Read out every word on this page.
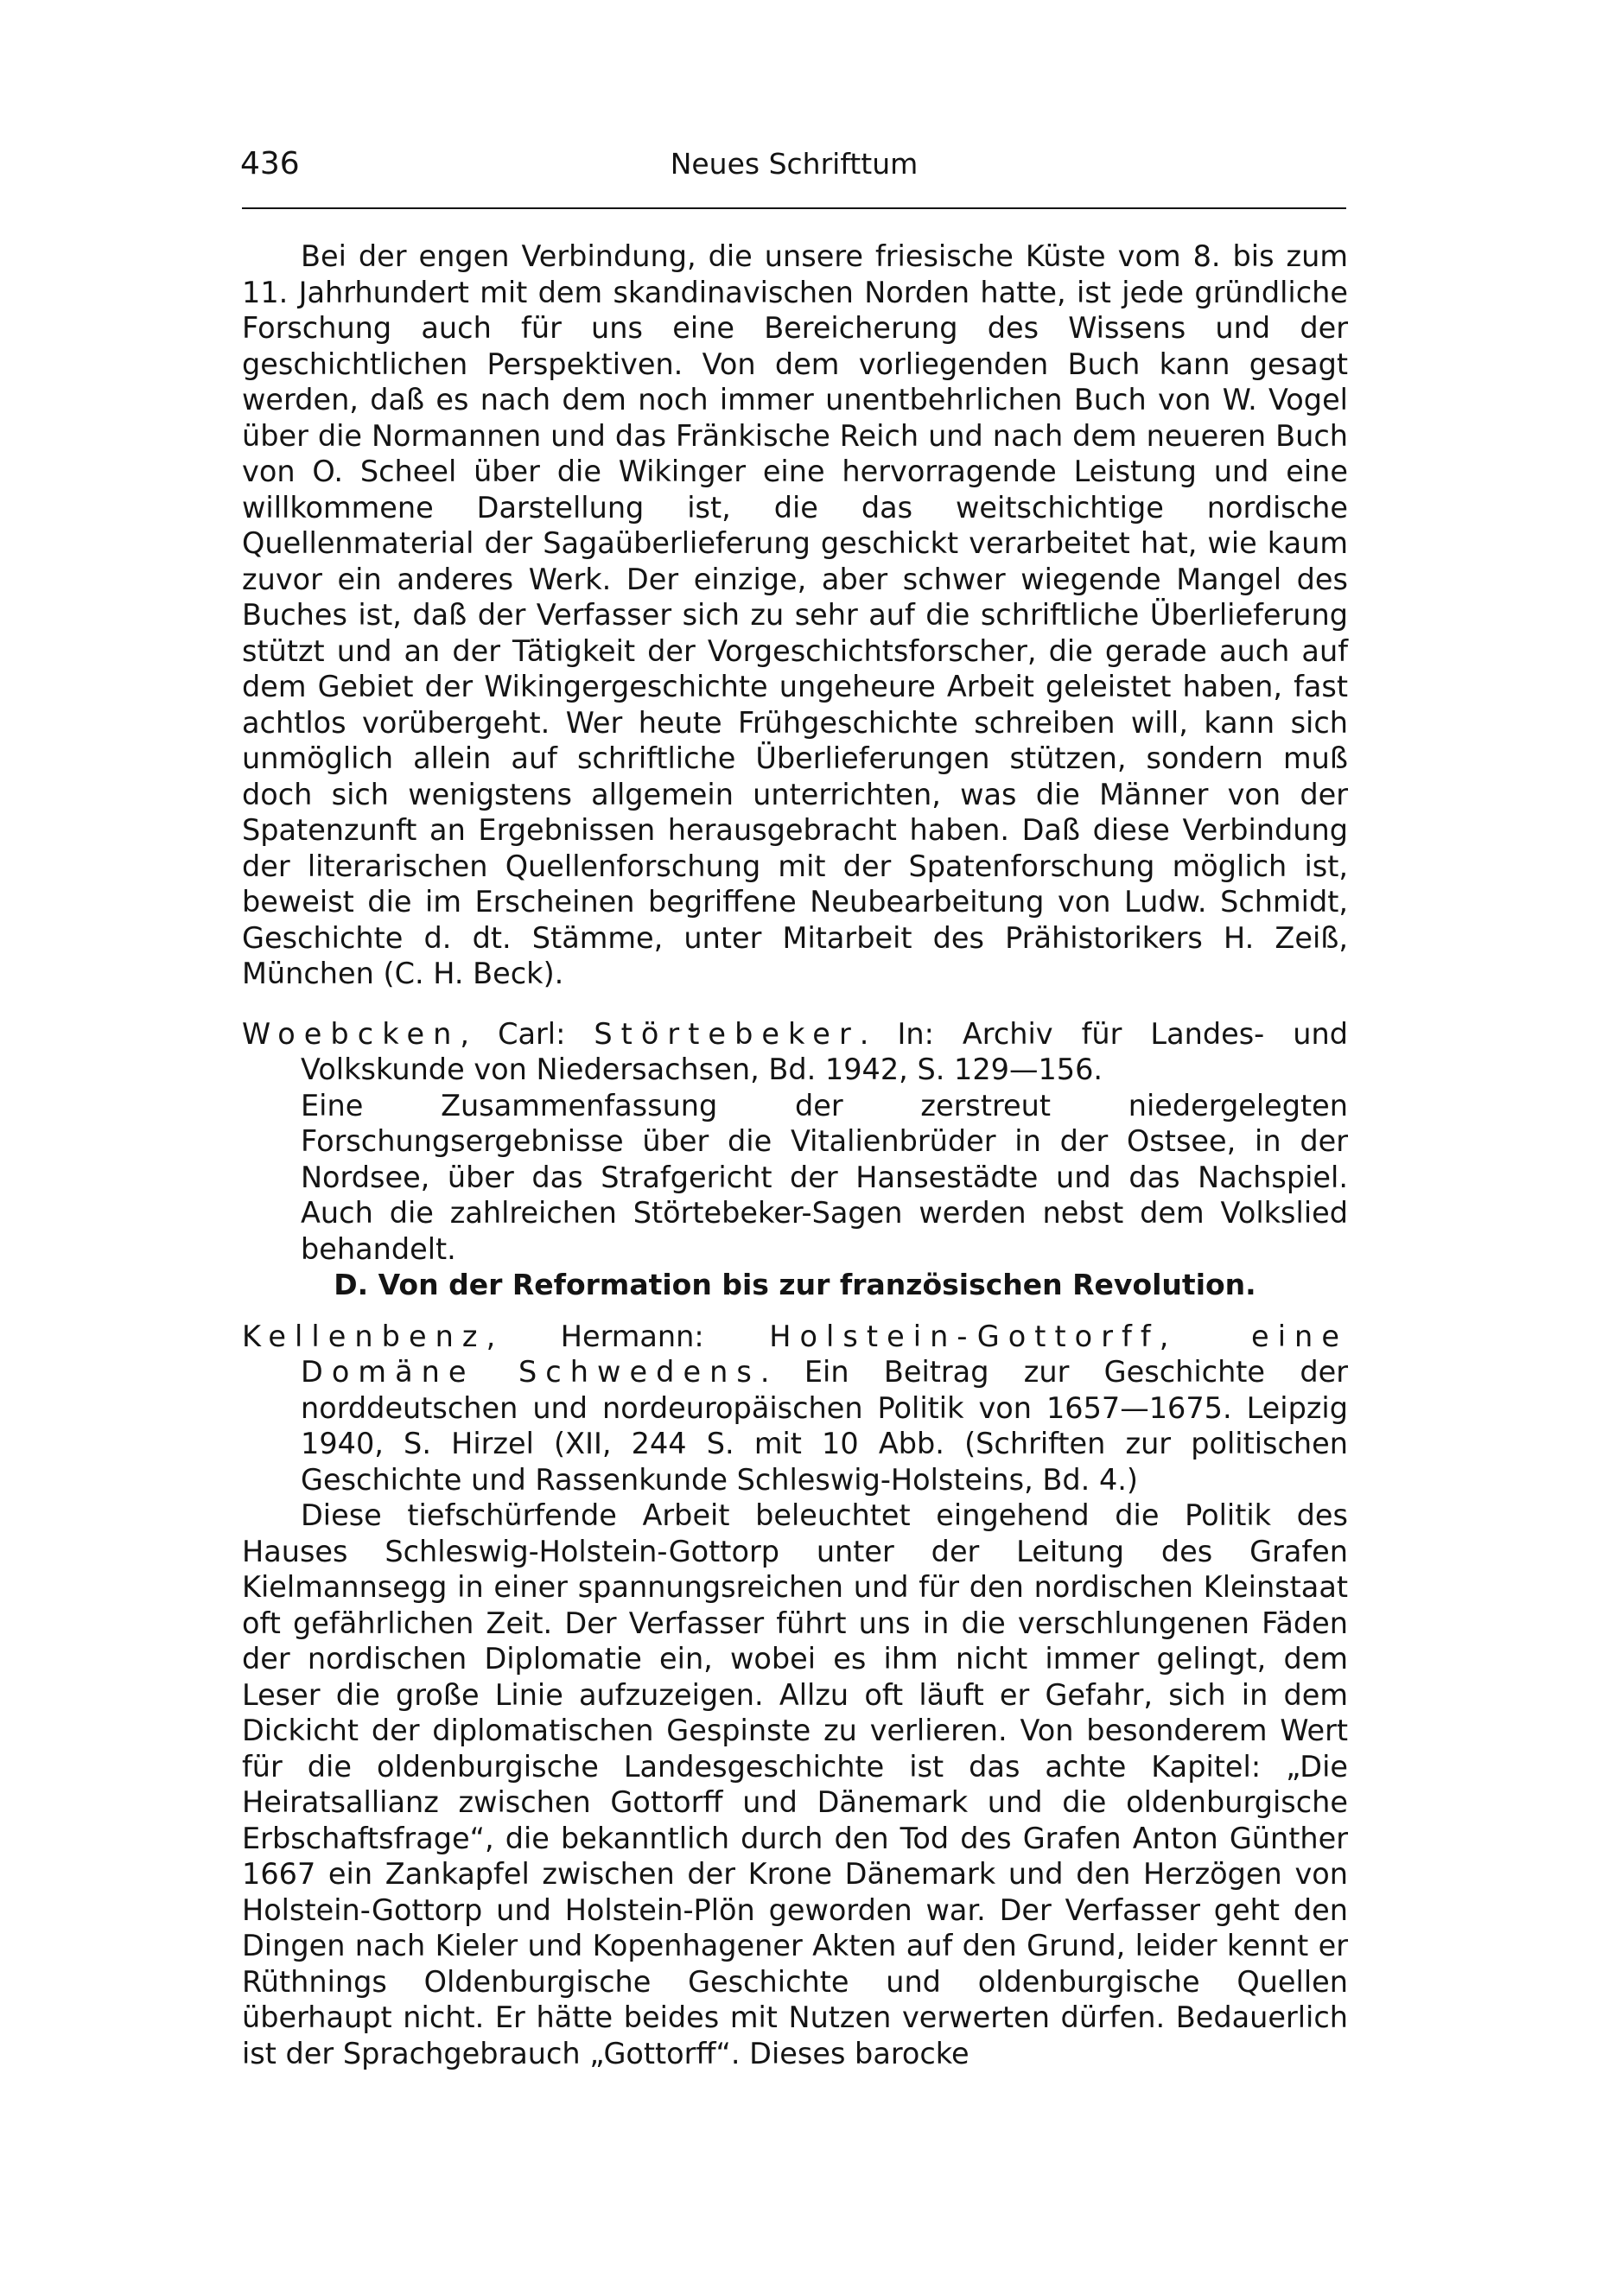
436	Neues Schrifttum

Bei der engen Verbindung, die unsere friesische Küste vom 8. bis zum 11. Jahrhundert mit dem skandinavischen Norden hatte, ist jede gründliche Forschung auch für uns eine Bereicherung des Wissens und der geschichtlichen Perspektiven. Von dem vorliegenden Buch kann gesagt werden, daß es nach dem noch immer unentbehrlichen Buch von W. Vogel über die Normannen und das Fränkische Reich und nach dem neueren Buch von O. Scheel über die Wikinger eine hervorragende Leistung und eine willkommene Darstellung ist, die das weitschichtige nordische Quellenmaterial der Sagaüberlieferung geschickt verarbeitet hat, wie kaum zuvor ein anderes Werk. Der einzige, aber schwer wiegende Mangel des Buches ist, daß der Verfasser sich zu sehr auf die schriftliche Überlieferung stützt und an der Tätigkeit der Vorgeschichtsforscher, die gerade auch auf dem Gebiet der Wikingergeschichte ungeheure Arbeit geleistet haben, fast achtlos vorübergeht. Wer heute Frühgeschichte schreiben will, kann sich unmöglich allein auf schriftliche Überlieferungen stützen, sondern muß doch sich wenigstens allgemein unterrichten, was die Männer von der Spatenzunft an Ergebnissen herausgebracht haben. Daß diese Verbindung der literarischen Quellenforschung mit der Spatenforschung möglich ist, beweist die im Erscheinen begriffene Neubearbeitung von Ludw. Schmidt, Geschichte d. dt. Stämme, unter Mitarbeit des Prähistorikers H. Zeiß, München (C. H. Beck).

Woebcken, Carl: Störtebeker. In: Archiv für Landes- und Volkskunde von Niedersachsen, Bd. 1942, S. 129—156.

Eine Zusammenfassung der zerstreut niedergelegten Forschungsergebnisse über die Vitalienbrüder in der Ostsee, in der Nordsee, über das Strafgericht der Hansestädte und das Nachspiel. Auch die zahlreichen Störtebeker-Sagen werden nebst dem Volkslied behandelt.

D. Von der Reformation bis zur französischen Revolution.

Kellenbenz, Hermann: Holstein-Gottorff, eine Domäne Schwedens. Ein Beitrag zur Geschichte der norddeutschen und nordeuropäischen Politik von 1657—1675. Leipzig 1940, S. Hirzel (XII, 244 S. mit 10 Abb. (Schriften zur politischen Geschichte und Rassenkunde Schleswig-Holsteins, Bd. 4.)

Diese tiefschürfende Arbeit beleuchtet eingehend die Politik des Hauses Schleswig-Holstein-Gottorp unter der Leitung des Grafen Kielmannsegg in einer spannungsreichen und für den nordischen Kleinstaat oft gefährlichen Zeit. Der Verfasser führt uns in die verschlungenen Fäden der nordischen Diplomatie ein, wobei es ihm nicht immer gelingt, dem Leser die große Linie aufzuzeigen. Allzu oft läuft er Gefahr, sich in dem Dickicht der diplomatischen Gespinste zu verlieren. Von besonderem Wert für die oldenburgische Landesgeschichte ist das achte Kapitel: „Die Heiratsallianz zwischen Gottorff und Dänemark und die oldenburgische Erbschaftsfrage“, die bekanntlich durch den Tod des Grafen Anton Günther 1667 ein Zankapfel zwischen der Krone Dänemark und den Herzögen von Holstein-Gottorp und Holstein-Plön geworden war. Der Verfasser geht den Dingen nach Kieler und Kopenhagener Akten auf den Grund, leider kennt er Rüthnings Oldenburgische Geschichte und oldenburgische Quellen überhaupt nicht. Er hätte beides mit Nutzen verwerten dürfen. Bedauerlich ist der Sprachgebrauch „Gottorff“. Dieses barocke
